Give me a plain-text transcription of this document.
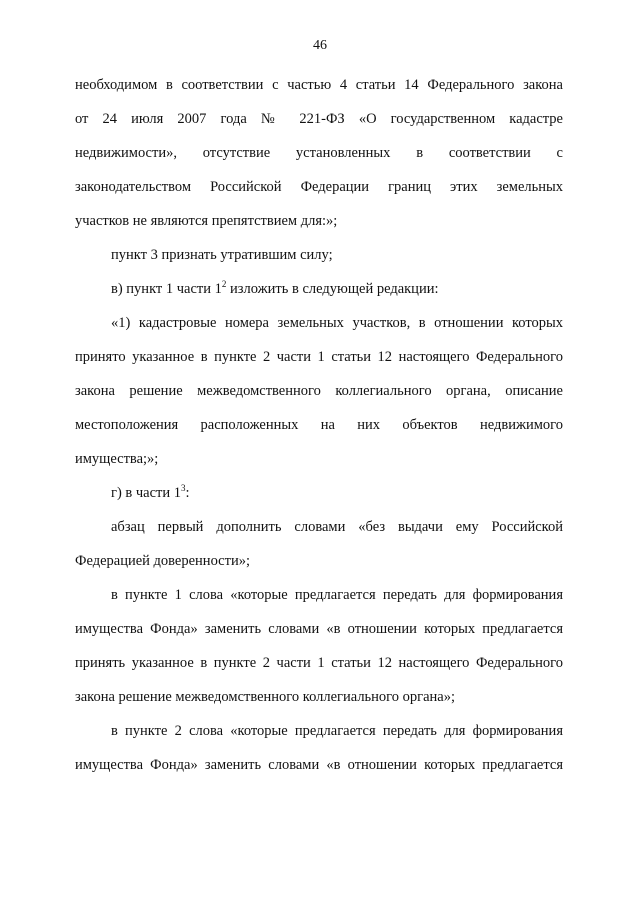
46
необходимом в соответствии с частью 4 статьи 14 Федерального закона
от 24 июля 2007 года № 221-ФЗ «О государственном кадастре
недвижимости», отсутствие установленных в соответствии с
законодательством Российской Федерации границ этих земельных
участков не являются препятствием для:»;
пункт 3 признать утратившим силу;
в) пункт 1 части $1^2$ изложить в следующей редакции:
«1) кадастровые номера земельных участков, в отношении которых
принято указанное в пункте 2 части 1 статьи 12 настоящего Федерального
закона решение межведомственного коллегиального органа, описание
местоположения расположенных на них объектов недвижимого
имущества;»;
г) в части $1^3$:
абзац первый дополнить словами «без выдачи ему Российской
Федерацией доверенности»;
в пункте 1 слова «которые предлагается передать для формирования
имущества Фонда» заменить словами «в отношении которых предлагается
принять указанное в пункте 2 части 1 статьи 12 настоящего Федерального
закона решение межведомственного коллегиального органа»;
в пункте 2 слова «которые предлагается передать для формирования
имущества Фонда» заменить словами «в отношении которых предлагается
